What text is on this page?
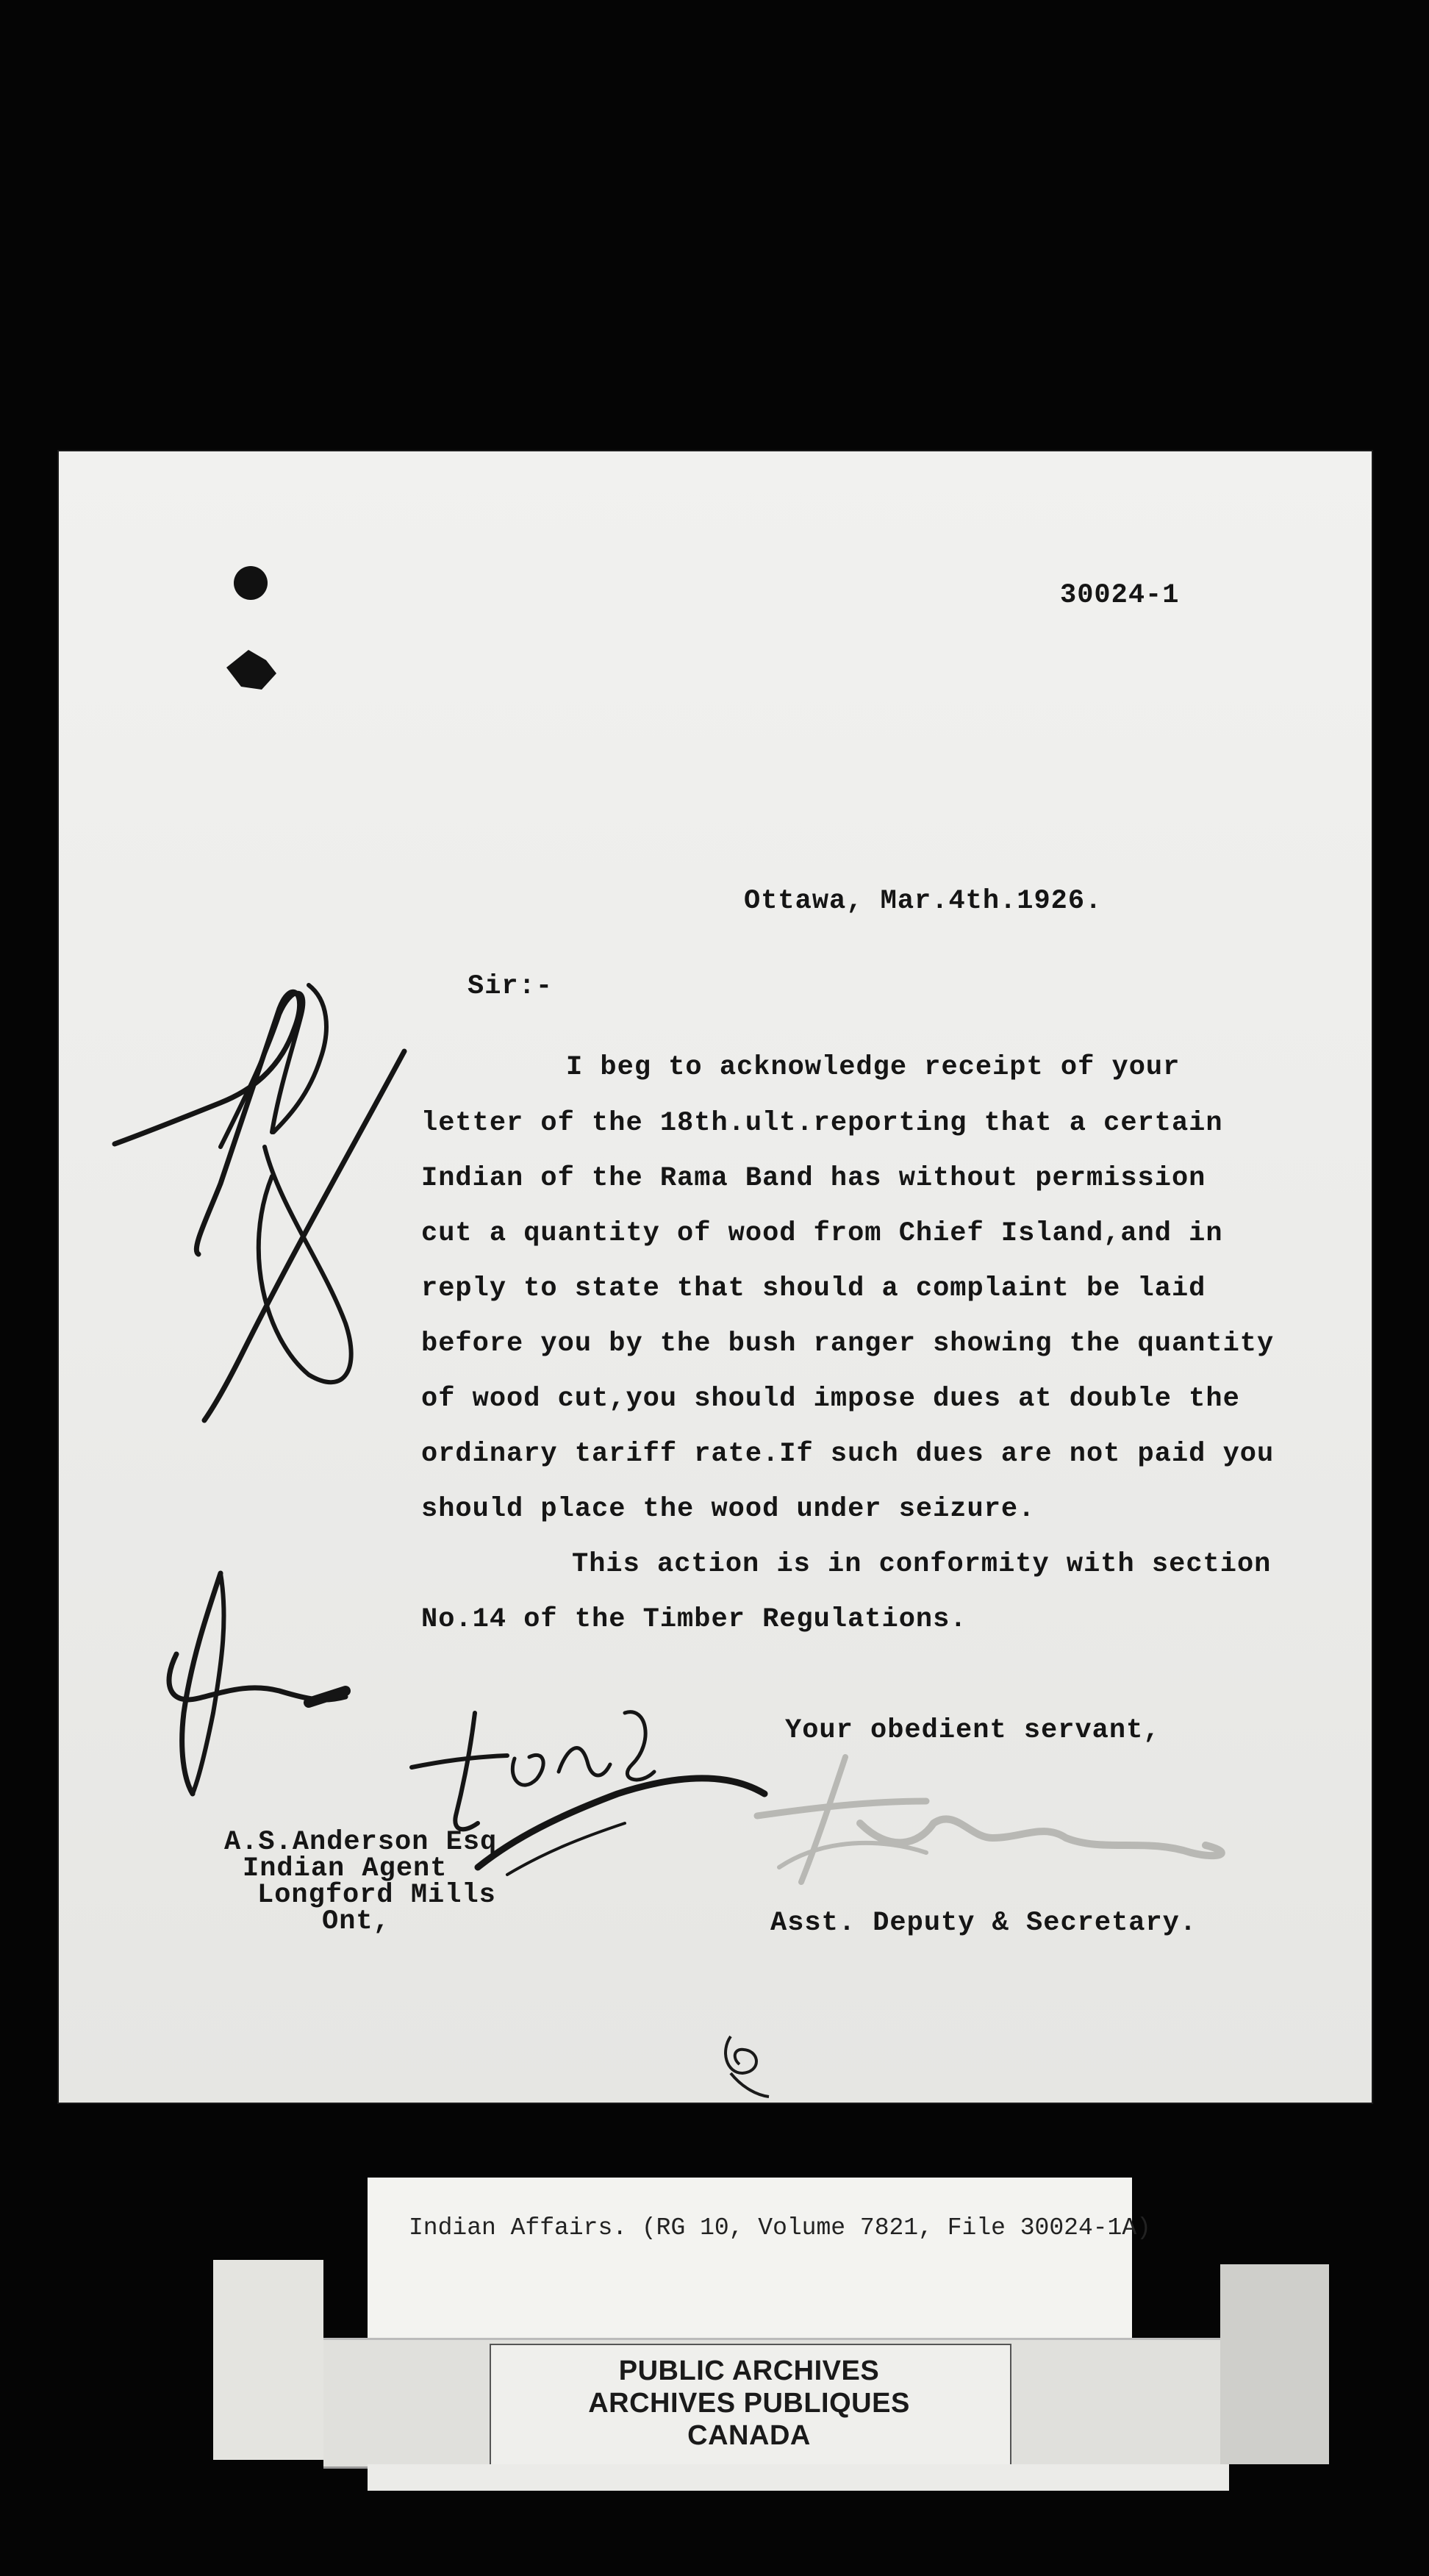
30024-1
Ottawa, Mar.4th.1926.
Sir:-
I beg to acknowledge receipt of your
letter of the 18th.ult.reporting that a certain
Indian of the Rama Band has without permission
cut a quantity of wood from Chief Island,and in
reply to state that should a complaint be laid
before you by the bush ranger showing the quantity
of wood cut,you should impose dues at double the
ordinary tariff rate.If such dues are not paid you
should place the wood under seizure.
This action is in conformity with section
No.14 of the Timber Regulations.
Your obedient servant,
Asst. Deputy & Secretary.
A.S.Anderson Esq.
Indian Agent
Longford Mills
Ont,
Indian Affairs. (RG 10, Volume 7821, File 30024-1A)
PUBLIC ARCHIVES
ARCHIVES PUBLIQUES
CANADA
